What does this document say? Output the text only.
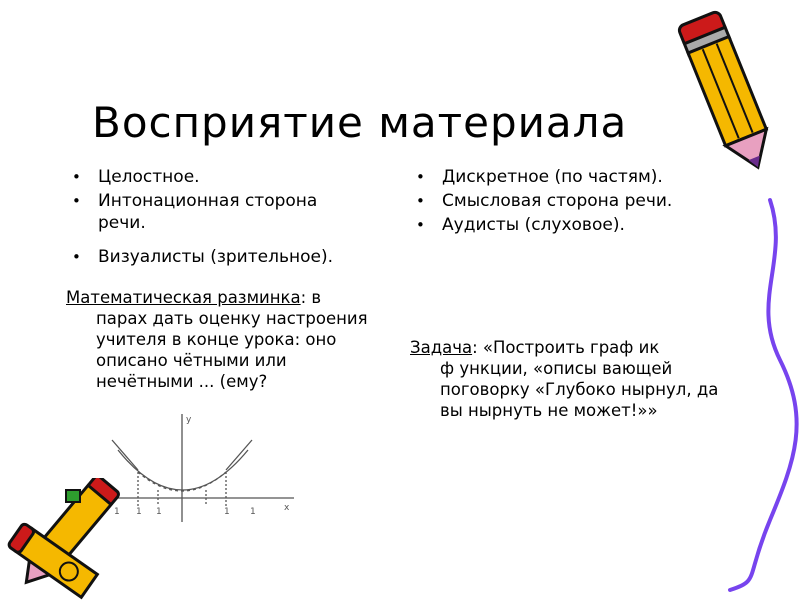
Восприятие материала
• Целостное.
• Интонационная сторона речи.
• Визуалисты (зрительное).
• Дискретное (по частям).
• Смысловая сторона речи.
• Аудисты (слуховое).
Математическая разминка: в
парах дать оценку настроения учителя в конце урока: оно описано чётными или нечётными ... (ему?
Задача: «Построить граф ик
ф ункции, «описы вающей поговорку «Глубоко нырнул, да вы нырнуть не может!»»
y
x
1 1 1	1 1
